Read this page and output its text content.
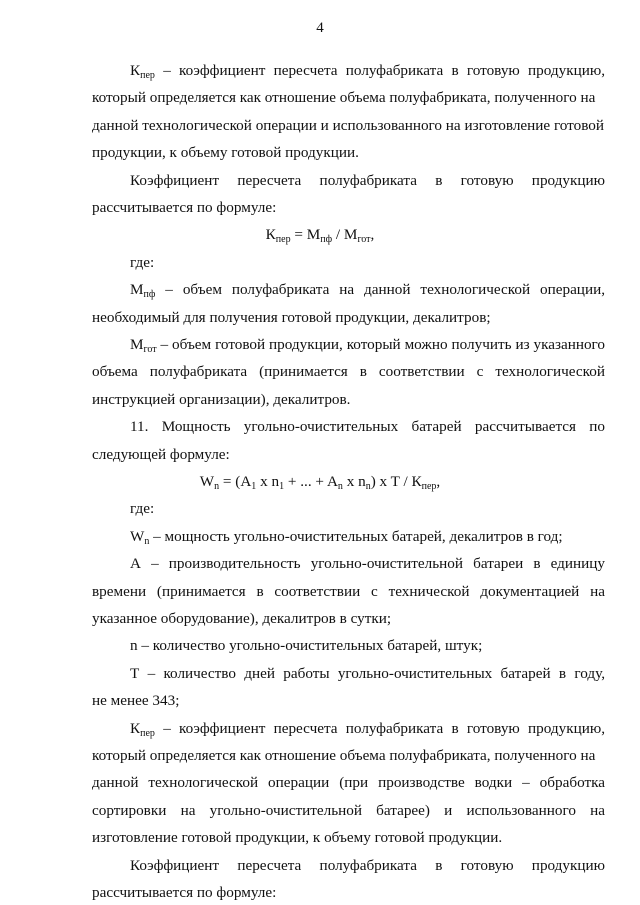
4
$К_{пер}$ – коэффициент пересчета полуфабриката в готовую продукцию,
который определяется как отношение объема полуфабриката, полученного на
данной технологической операции и использованного на изготовление готовой
продукции, к объему готовой продукции.
Коэффициент пересчета полуфабриката в готовую продукцию
рассчитывается по формуле:
$К_{пер} = М_{пф} / М_{гот}$,
где:
$М_{пф}$ – объем полуфабриката на данной технологической операции,
необходимый для получения готовой продукции, декалитров;
$М_{гот}$ – объем готовой продукции, который можно получить из указанного
объема полуфабриката (принимается в соответствии с технологической
инструкцией организации), декалитров.
11. Мощность угольно-очистительных батарей рассчитывается по
следующей формуле:
$W_n = (A_1$ x $n_1$ + ... + $A_n$ x $n_n$) x T / $К_{пер}$,
где:
$W_n$ – мощность угольно-очистительных батарей, декалитров в год;
А – производительность угольно-очистительной батареи в единицу
времени (принимается в соответствии с технической документацией на
указанное оборудование), декалитров в сутки;
n – количество угольно-очистительных батарей, штук;
Т – количество дней работы угольно-очистительных батарей в году,
не менее 343;
$К_{пер}$ – коэффициент пересчета полуфабриката в готовую продукцию,
который определяется как отношение объема полуфабриката, полученного на
данной технологической операции (при производстве водки – обработка
сортировки на угольно-очистительной батарее) и использованного на
изготовление готовой продукции, к объему готовой продукции.
Коэффициент пересчета полуфабриката в готовую продукцию
рассчитывается по формуле:
